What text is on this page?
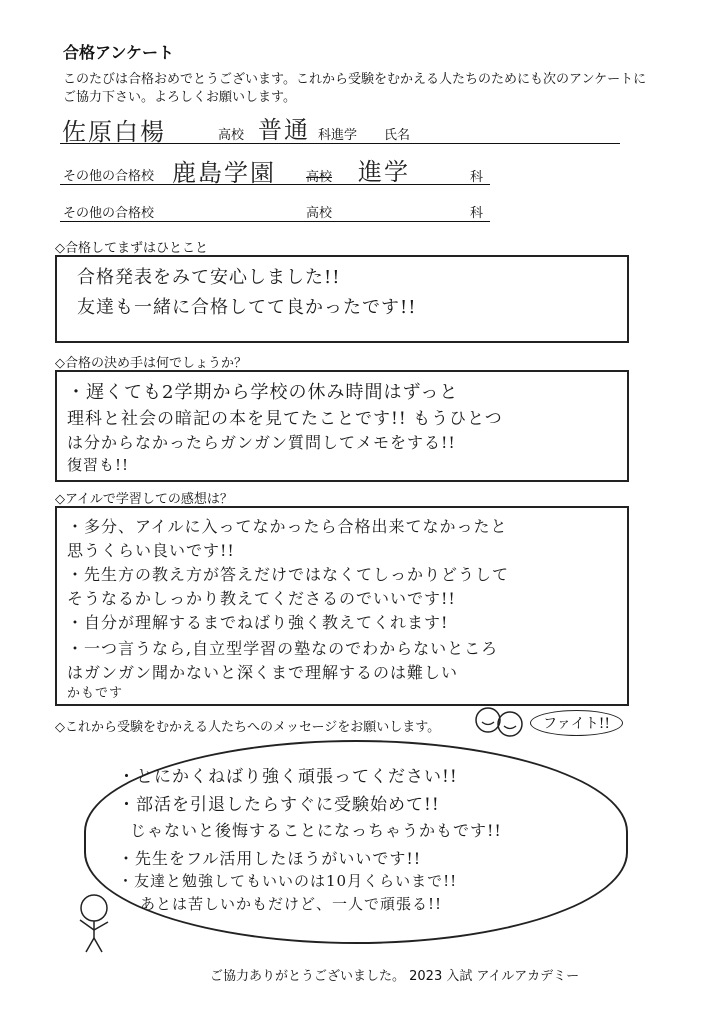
合格アンケート
このたびは合格おめでとうございます。これから受験をむかえる人たちのためにも次のアンケートに
ご協力下さい。よろしくお願いします。
佐原白楊	高校 普通 科進学 氏名
その他の合格校 鹿島学園 高校 進学	科
その他の合格校	高校	科
◇合格してまずはひとこと
合格発表をみて安心しました!!
友達も一緒に合格してて良かったです!!
◇合格の決め手は何でしょうか？
・遅くても2学期から学校の休み時間はずっと
理科と社会の暗記の本を見てたことです!! もうひとつ
は分からなかったらガンガン質問してメモをする!!
復習も!!
◇アイルで学習しての感想は？
・多分、アイルに入ってなかったら合格出来てなかったと
思うくらい良いです!!
・先生方の教え方が答えだけではなくてしっかりどうして
そうなるかしっかり教えてくださるのでいいです!!
・自分が理解するまでねばり強く教えてくれます!
・一つ言うなら,自立型学習の塾なのでわからないところ
はガンガン聞かないと深くまで理解するのは難しい
かもです
◇これから受験をむかえる人たちへのメッセージをお願いします。	ファイト!!
・とにかくねばり強く頑張ってください!!
・部活を引退したらすぐに受験始めて!!
じゃないと後悔することになっちゃうかもです!!
・先生をフル活用したほうがいいです!!
・友達と勉強してもいいのは10月くらいまで!!
あとは苦しいかもだけど、一人で頑張る!!
ご協力ありがとうございました。 2023 入試 アイルアカデミー
